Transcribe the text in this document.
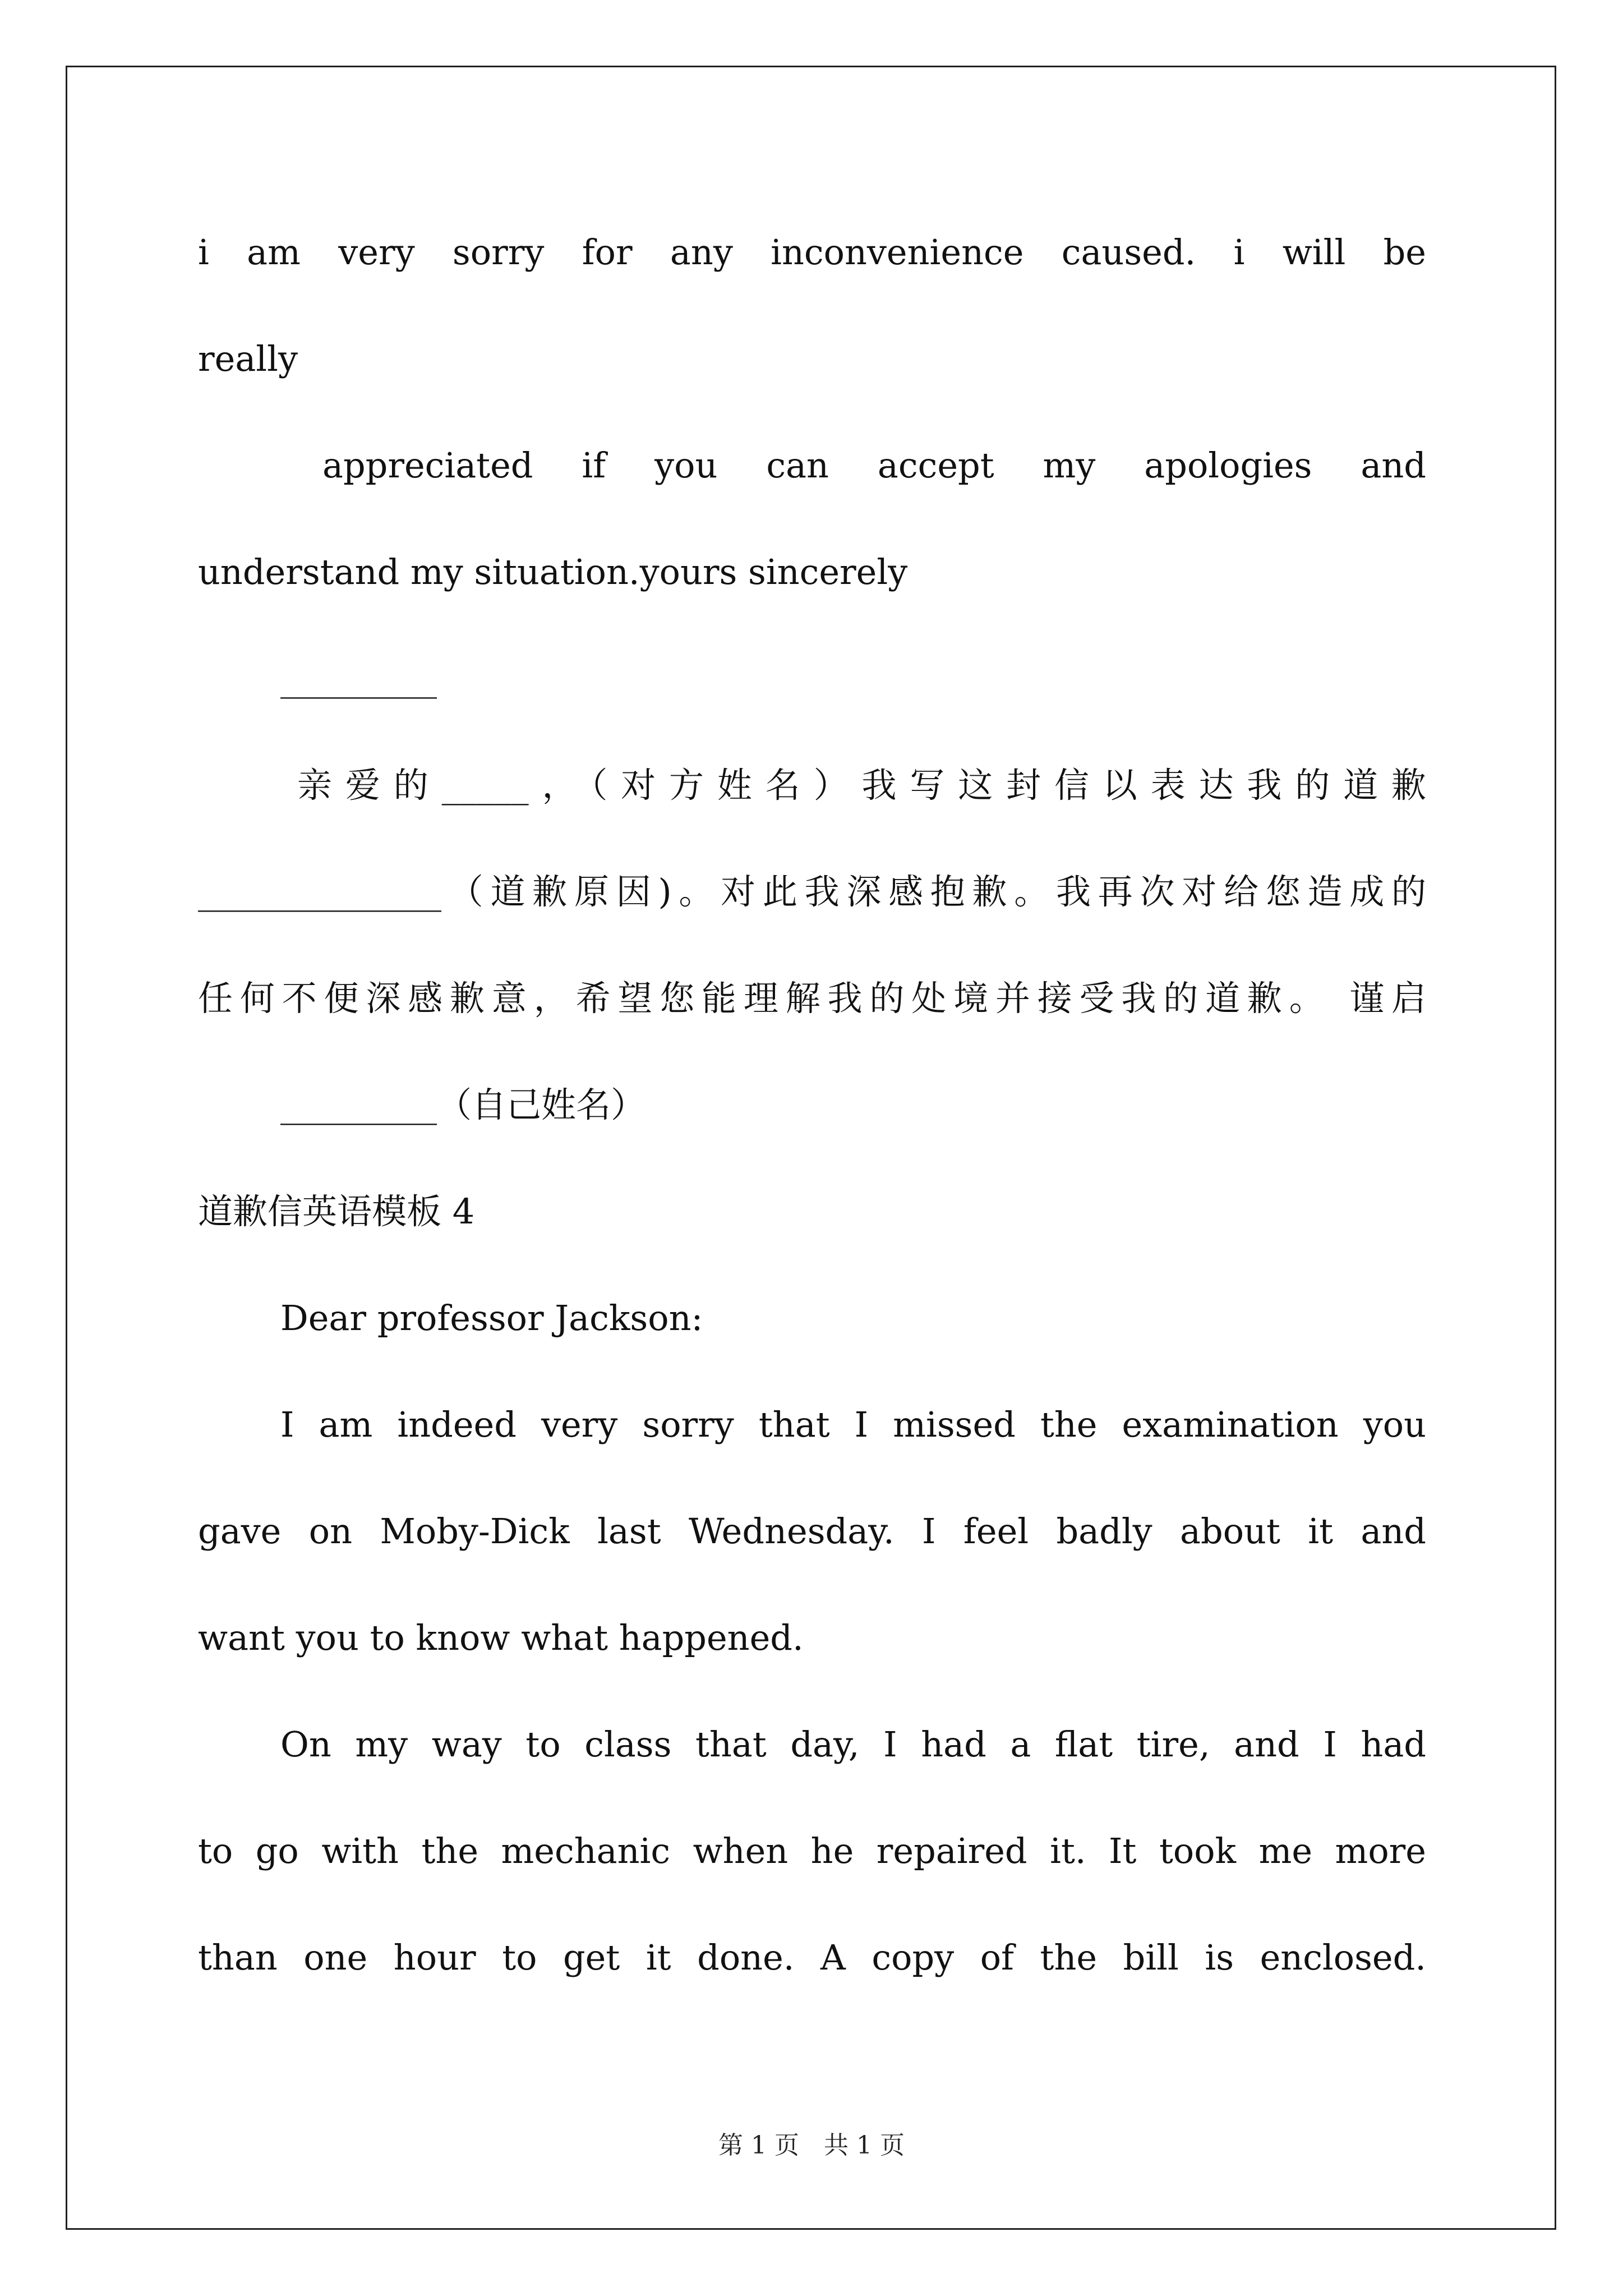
i am very sorry for any inconvenience caused. i will be
really
appreciated if you can accept my apologies and
understand my situation.yours sincerely
_________
亲爱的_____，（对方姓名）我写这封信以表达我的道歉
______________（道歉原因)。对此我深感抱歉。我再次对给您造成的
任何不便深感歉意，希望您能理解我的处境并接受我的道歉。 谨启
_________（自己姓名）
道歉信英语模板 4
Dear professor Jackson:
I am indeed very sorry that I missed the examination you
gave on Moby-Dick last Wednesday. I feel badly about it and
want you to know what happened.
On my way to class that day, I had a flat tire, and I had
to go with the mechanic when he repaired it. It took me more
than one hour to get it done. A copy of the bill is enclosed.
第 1 页　共 1 页
